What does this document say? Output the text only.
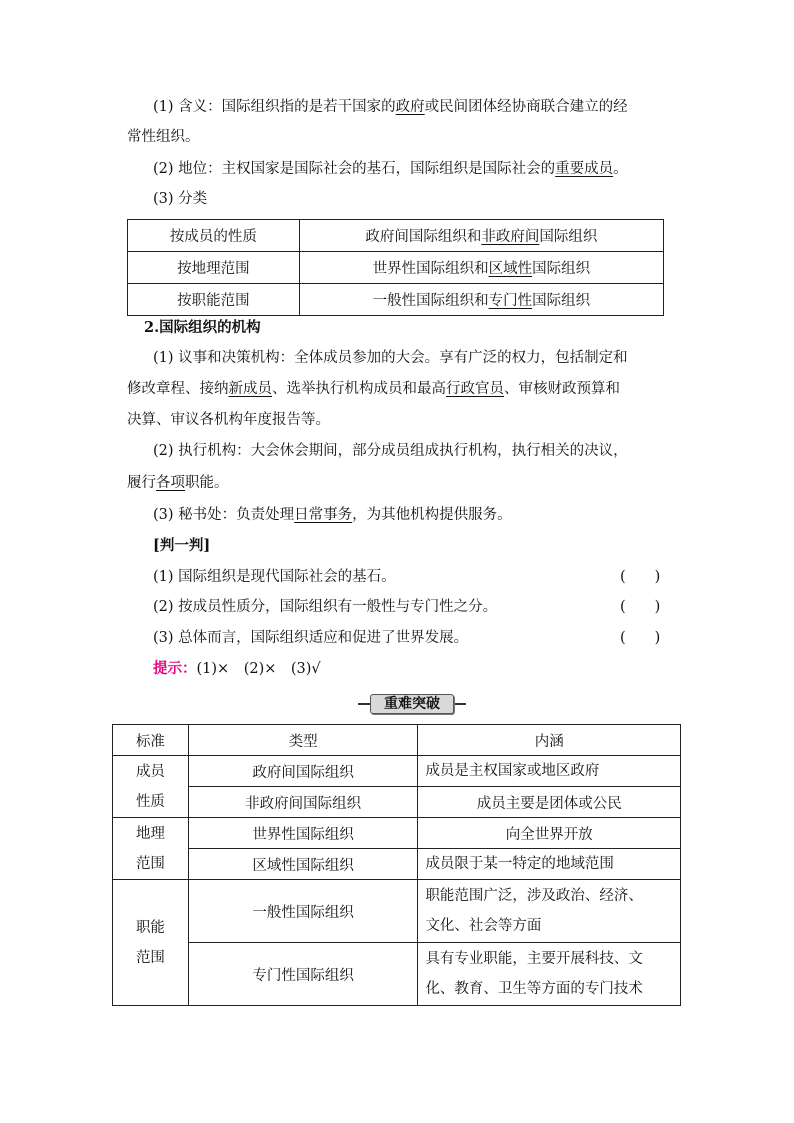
(1) 含义：国际组织指的是若干国家的政府或民间团体经协商联合建立的经
常性组织。
(2) 地位：主权国家是国际社会的基石，国际组织是国际社会的重要成员。
(3) 分类
按成员的性质	政府间国际组织和非政府间国际组织
按地理范围	世界性国际组织和区域性国际组织
按职能范围	一般性国际组织和专门性国际组织
2.国际组织的机构
(1) 议事和决策机构：全体成员参加的大会。享有广泛的权力，包括制定和
修改章程、接纳新成员、选举执行机构成员和最高行政官员、审核财政预算和
决算、审议各机构年度报告等。
(2) 执行机构：大会休会期间，部分成员组成执行机构，执行相关的决议，
履行各项职能。
(3) 秘书处：负责处理日常事务，为其他机构提供服务。
[判一判]
(1) 国际组织是现代国际社会的基石。	(　　)
(2) 按成员性质分，国际组织有一般性与专门性之分。	(　　)
(3) 总体而言，国际组织适应和促进了世界发展。	(　　)
提示：(1)×　(2)×　(3)√
重难突破
标准	类型	内涵
成员
性质	政府间国际组织	成员是主权国家或地区政府
	非政府间国际组织	成员主要是团体或公民
地理
范围	世界性国际组织	向全世界开放
	区域性国际组织	成员限于某一特定的地域范围
职能
范围	一般性国际组织	职能范围广泛，涉及政治、经济、
文化、社会等方面
	专门性国际组织	具有专业职能，主要开展科技、文
化、教育、卫生等方面的专门技术
